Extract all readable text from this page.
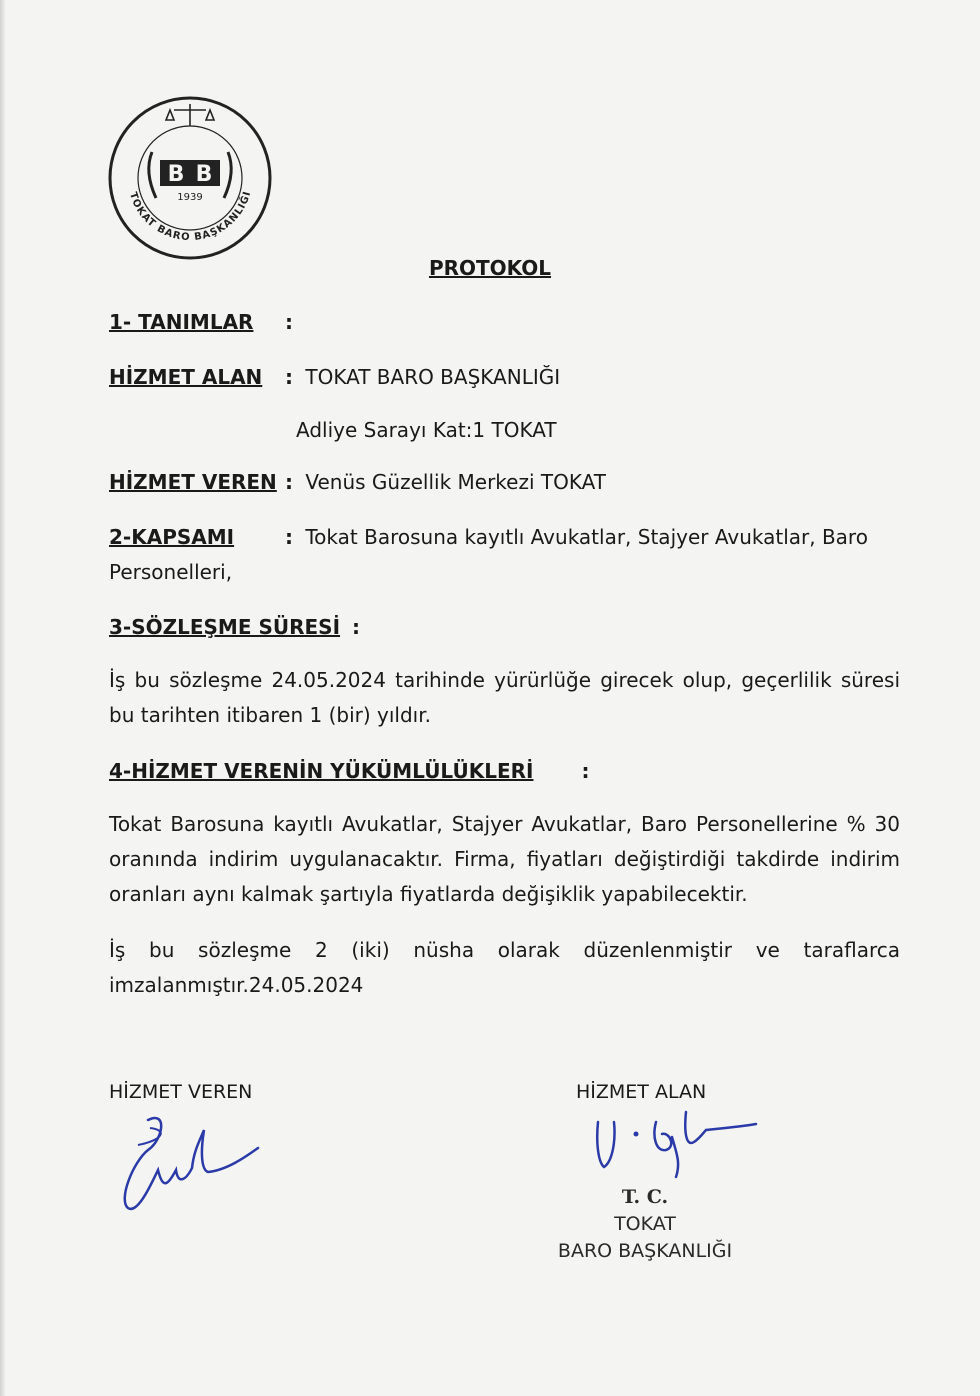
B B
1939
TOKAT BARO BAŞKANLIĞI
PROTOKOL
1- TANIMLAR :
HİZMET ALAN : TOKAT BARO BAŞKANLIĞI
Adliye Sarayı Kat:1 TOKAT
HİZMET VEREN : Venüs Güzellik Merkezi TOKAT
2-KAPSAMI	: Tokat Barosuna kayıtlı Avukatlar, Stajyer Avukatlar, Baro
Personelleri,
3-SÖZLEŞME SÜRESİ :
İş bu sözleşme 24.05.2024 tarihinde yürürlüğe girecek olup, geçerlilik süresi bu tarihten itibaren 1 (bir) yıldır.
4-HİZMET VERENİN YÜKÜMLÜLÜKLERİ :
Tokat Barosuna kayıtlı Avukatlar, Stajyer Avukatlar, Baro Personellerine % 30 oranında indirim uygulanacaktır. Firma, fiyatları değiştirdiği takdirde indirim oranları aynı kalmak şartıyla fiyatlarda değişiklik yapabilecektir.
İş bu sözleşme 2 (iki) nüsha olarak düzenlenmiştir ve taraflarca imzalanmıştır.24.05.2024
HİZMET VEREN	HİZMET ALAN
T. C.
TOKAT
BARO BAŞKANLIĞI
